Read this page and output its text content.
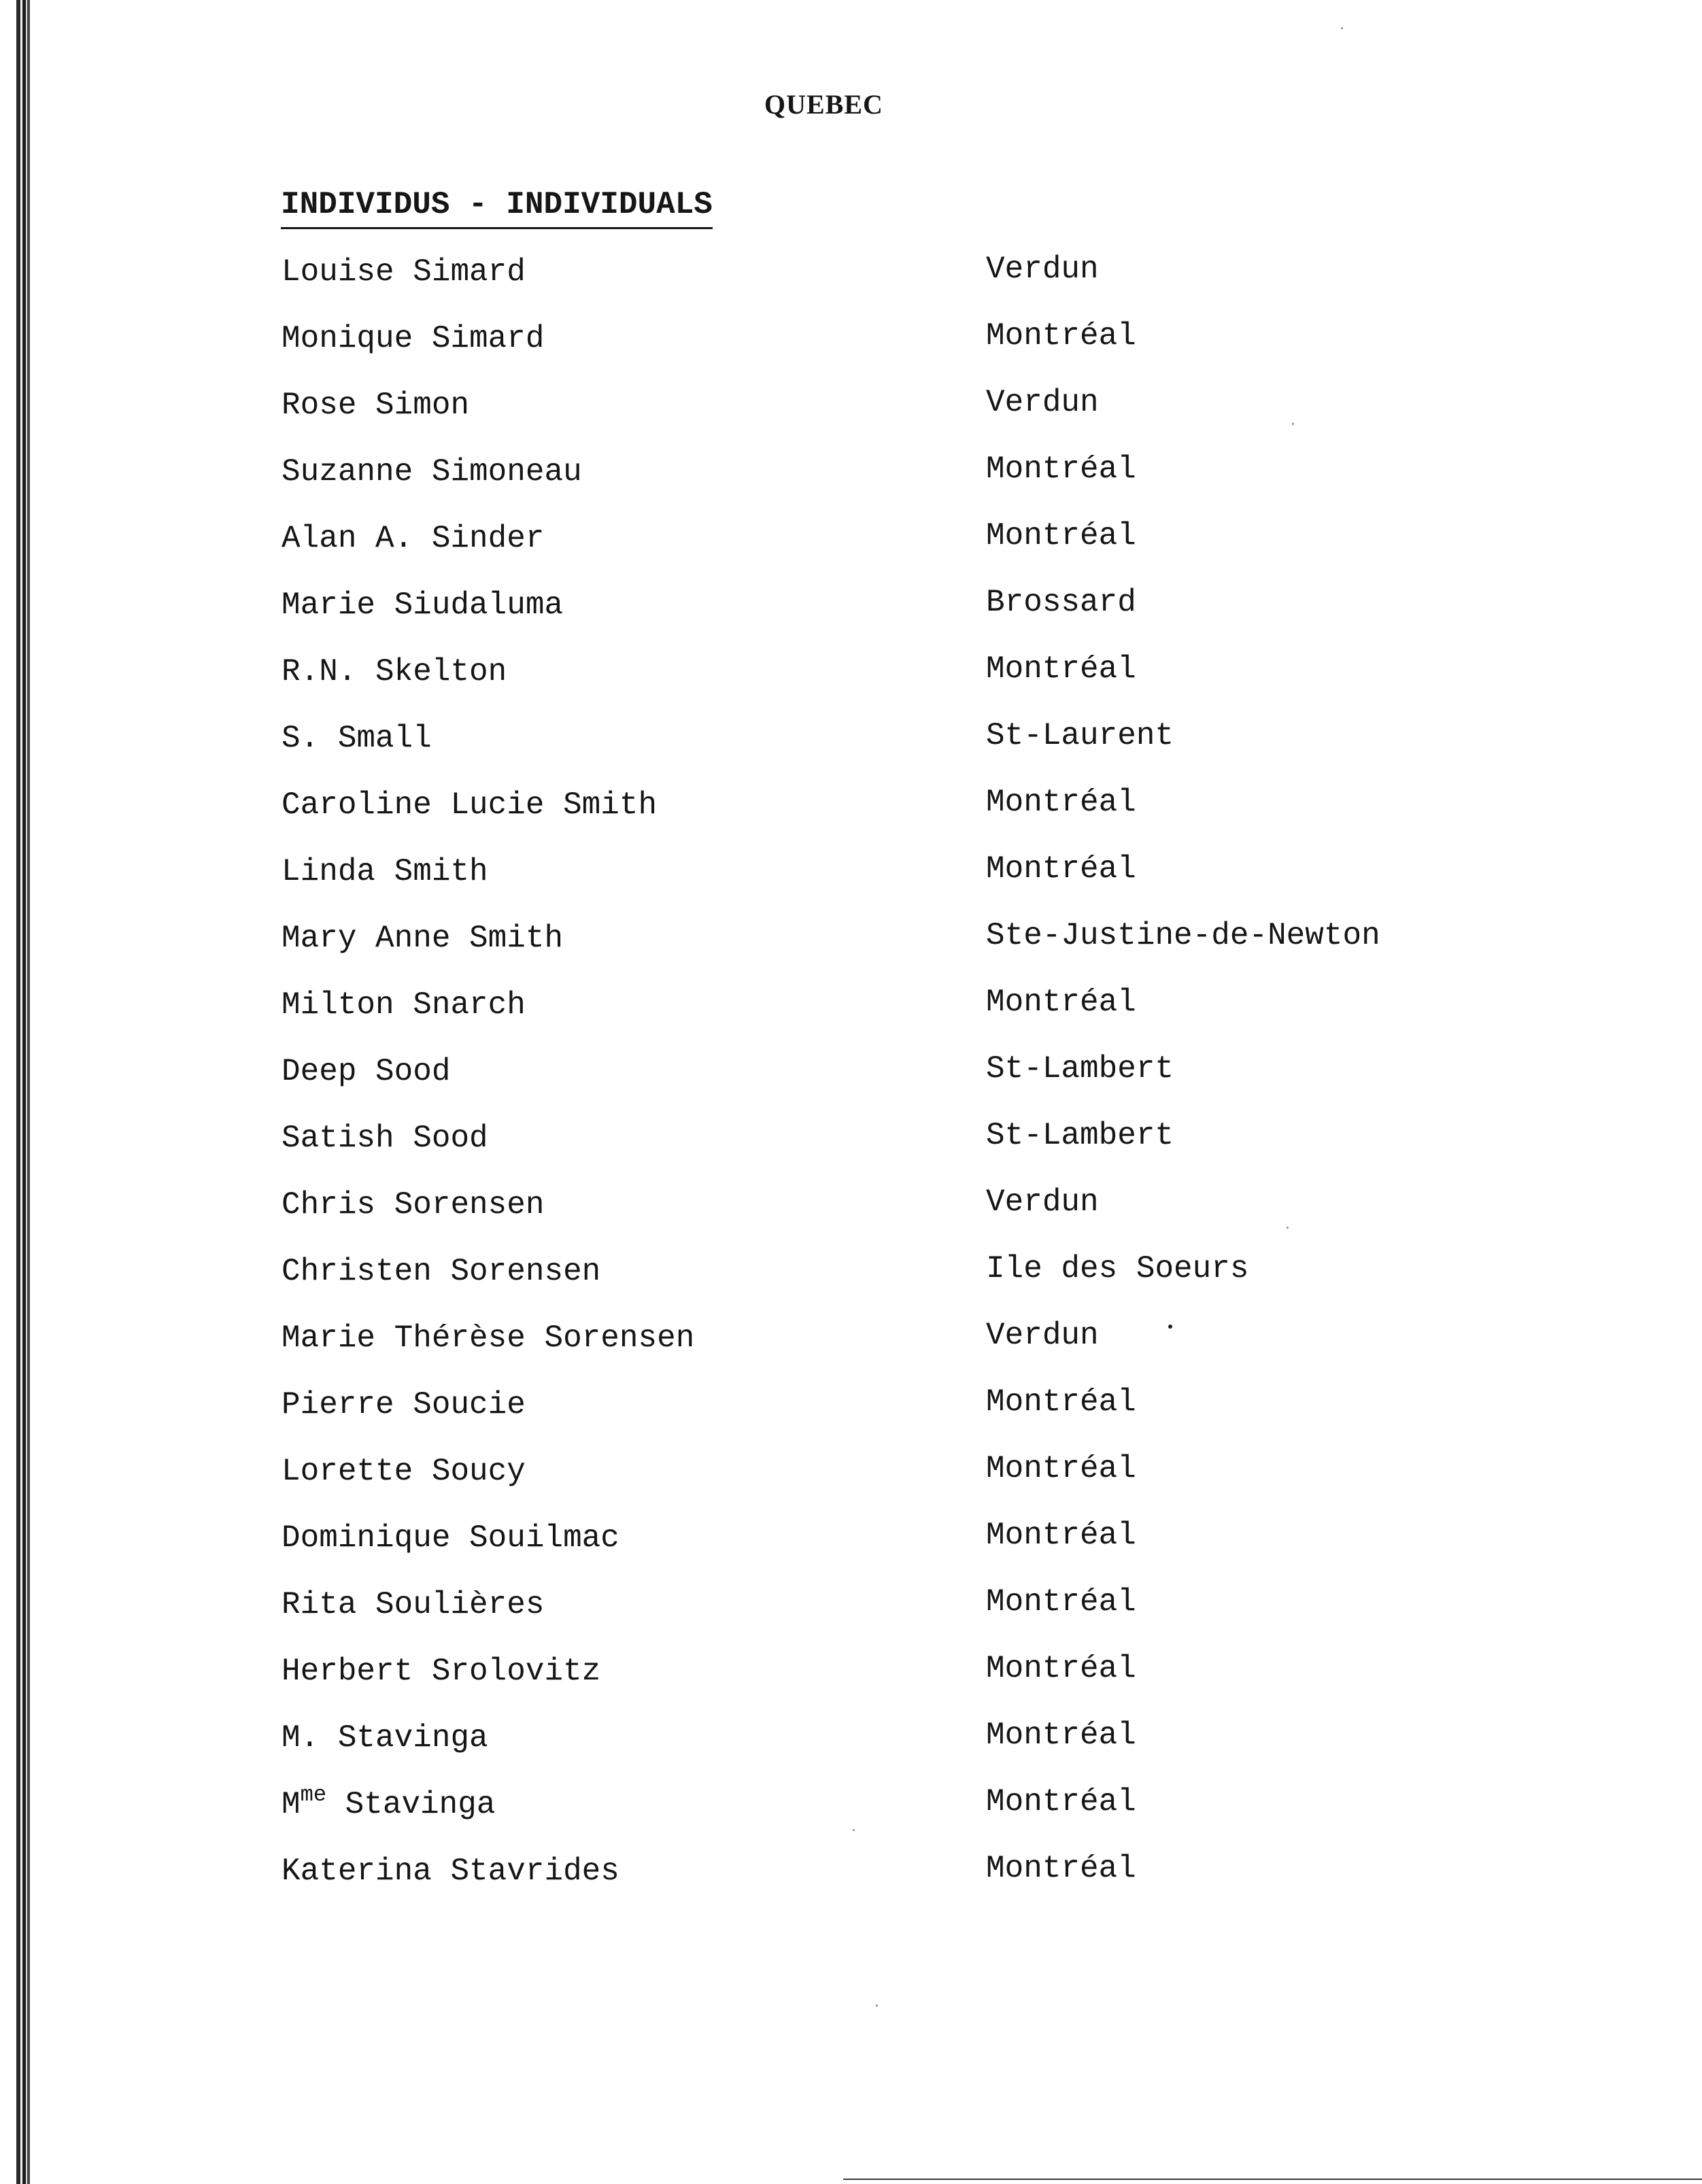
QUEBEC
INDIVIDUS - INDIVIDUALS
Louise Simard	Verdun
Monique Simard	Montréal
Rose Simon	Verdun
Suzanne Simoneau	Montréal
Alan A. Sinder	Montréal
Marie Siudaluma	Brossard
R.N. Skelton	Montréal
S. Small	St-Laurent
Caroline Lucie Smith	Montréal
Linda Smith	Montréal
Mary Anne Smith	Ste-Justine-de-Newton
Milton Snarch	Montréal
Deep Sood	St-Lambert
Satish Sood	St-Lambert
Chris Sorensen	Verdun
Christen Sorensen	Ile des Soeurs
Marie Thérèse Sorensen	Verdun
Pierre Soucie	Montréal
Lorette Soucy	Montréal
Dominique Souilmac	Montréal
Rita Soulières	Montréal
Herbert Srolovitz	Montréal
M. Stavinga	Montréal
$M^{me}$ Stavinga	Montréal
Katerina Stavrides	Montréal
